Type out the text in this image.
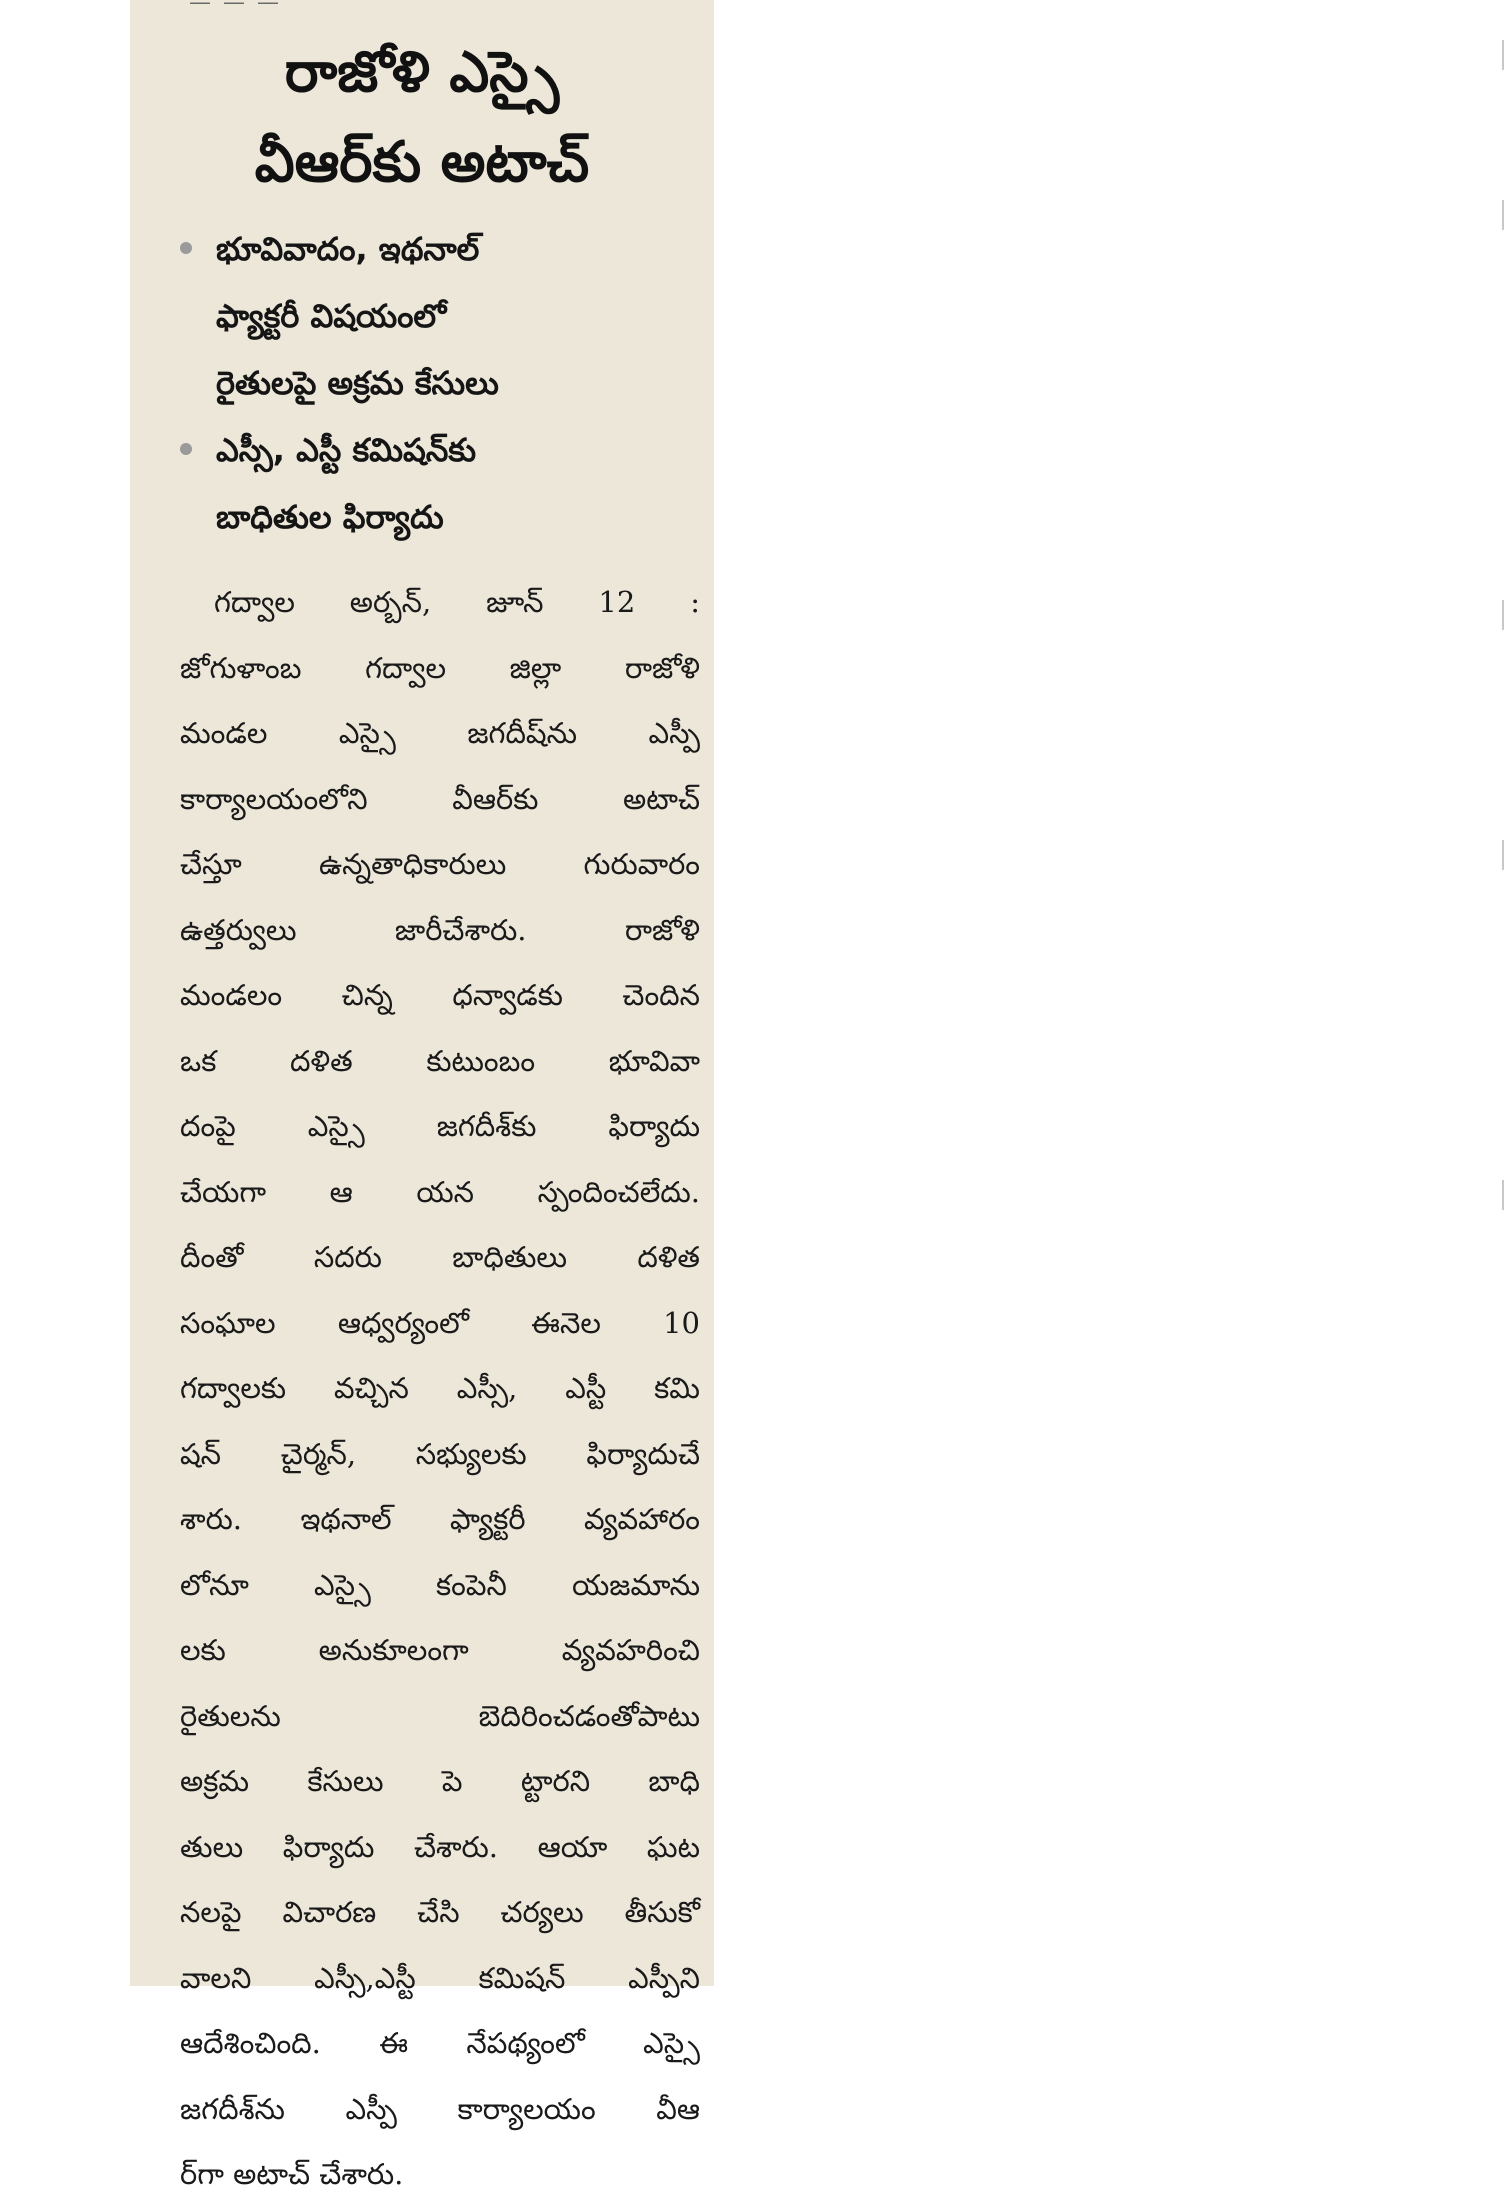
―――
రాజోళి ఎస్సై
వీఆర్‌కు అటాచ్
భూవివాదం, ఇథనాల్
ఫ్యాక్టరీ విషయంలో
రైతులపై అక్రమ కేసులు
ఎస్సీ, ఎస్టీ కమిషన్‌కు
బాధితుల ఫిర్యాదు
గద్వాల అర్బన్, జూన్ 12 :
జోగుళాంబ గద్వాల జిల్లా రాజోళి
మండల ఎస్సై జగదీష్‌ను ఎస్పీ
కార్యాలయంలోని వీఆర్‌కు అటాచ్
చేస్తూ ఉన్నతాధికారులు గురువారం
ఉత్తర్వులు జారీచేశారు. రాజోళి
మండలం చిన్న ధన్వాడకు చెందిన
ఒక దళిత కుటుంబం భూవివా
దంపై ఎస్సై జగదీశ్‌కు ఫిర్యాదు
చేయగా ఆ యన స్పందించలేదు.
దీంతో సదరు బాధితులు దళిత
సంఘాల ఆధ్వర్యంలో ఈనెల 10
గద్వాలకు వచ్చిన ఎస్సీ, ఎస్టీ కమి
షన్ చైర్మన్, సభ్యులకు ఫిర్యాదుచే
శారు. ఇథనాల్ ఫ్యాక్టరీ వ్యవహారం
లోనూ ఎస్సై కంపెనీ యజమాను
లకు అనుకూలంగా వ్యవహరించి
రైతులను బెదిరించడంతోపాటు
అక్రమ కేసులు పె ట్టారని బాధి
తులు ఫిర్యాదు చేశారు. ఆయా ఘట
నలపై విచారణ చేసి చర్యలు తీసుకో
వాలని ఎస్సీ,ఎస్టీ కమిషన్ ఎస్పీని
ఆదేశించింది. ఈ నేపథ్యంలో ఎస్సై
జగదీశ్‌ను ఎస్పీ కార్యాలయం వీఆ
ర్‌గా అటాచ్ చేశారు.
